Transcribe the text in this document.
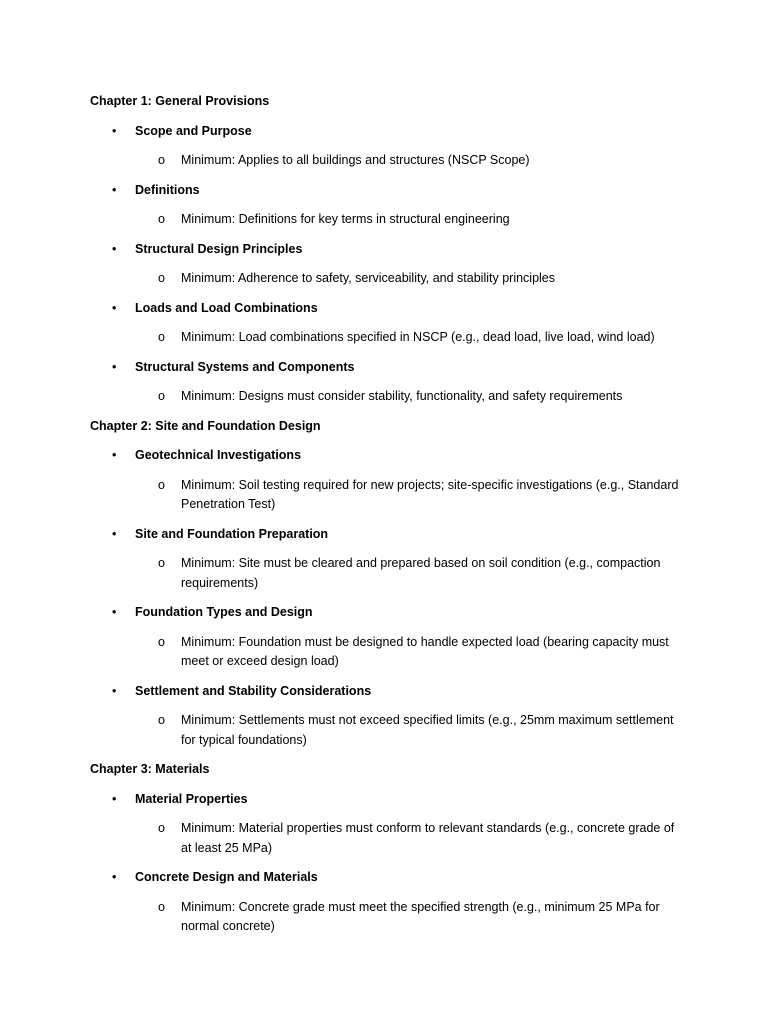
Chapter 1: General Provisions
•	Scope and Purpose
o	Minimum: Applies to all buildings and structures (NSCP Scope)
•	Definitions
o	Minimum: Definitions for key terms in structural engineering
•	Structural Design Principles
o	Minimum: Adherence to safety, serviceability, and stability principles
•	Loads and Load Combinations
o	Minimum: Load combinations specified in NSCP (e.g., dead load, live load, wind load)
•	Structural Systems and Components
o	Minimum: Designs must consider stability, functionality, and safety requirements
Chapter 2: Site and Foundation Design
•	Geotechnical Investigations
o	Minimum: Soil testing required for new projects; site-specific investigations (e.g., Standard Penetration Test)
•	Site and Foundation Preparation
o	Minimum: Site must be cleared and prepared based on soil condition (e.g., compaction requirements)
•	Foundation Types and Design
o	Minimum: Foundation must be designed to handle expected load (bearing capacity must meet or exceed design load)
•	Settlement and Stability Considerations
o	Minimum: Settlements must not exceed specified limits (e.g., 25mm maximum settlement for typical foundations)
Chapter 3: Materials
•	Material Properties
o	Minimum: Material properties must conform to relevant standards (e.g., concrete grade of at least 25 MPa)
•	Concrete Design and Materials
o	Minimum: Concrete grade must meet the specified strength (e.g., minimum 25 MPa for normal concrete)
